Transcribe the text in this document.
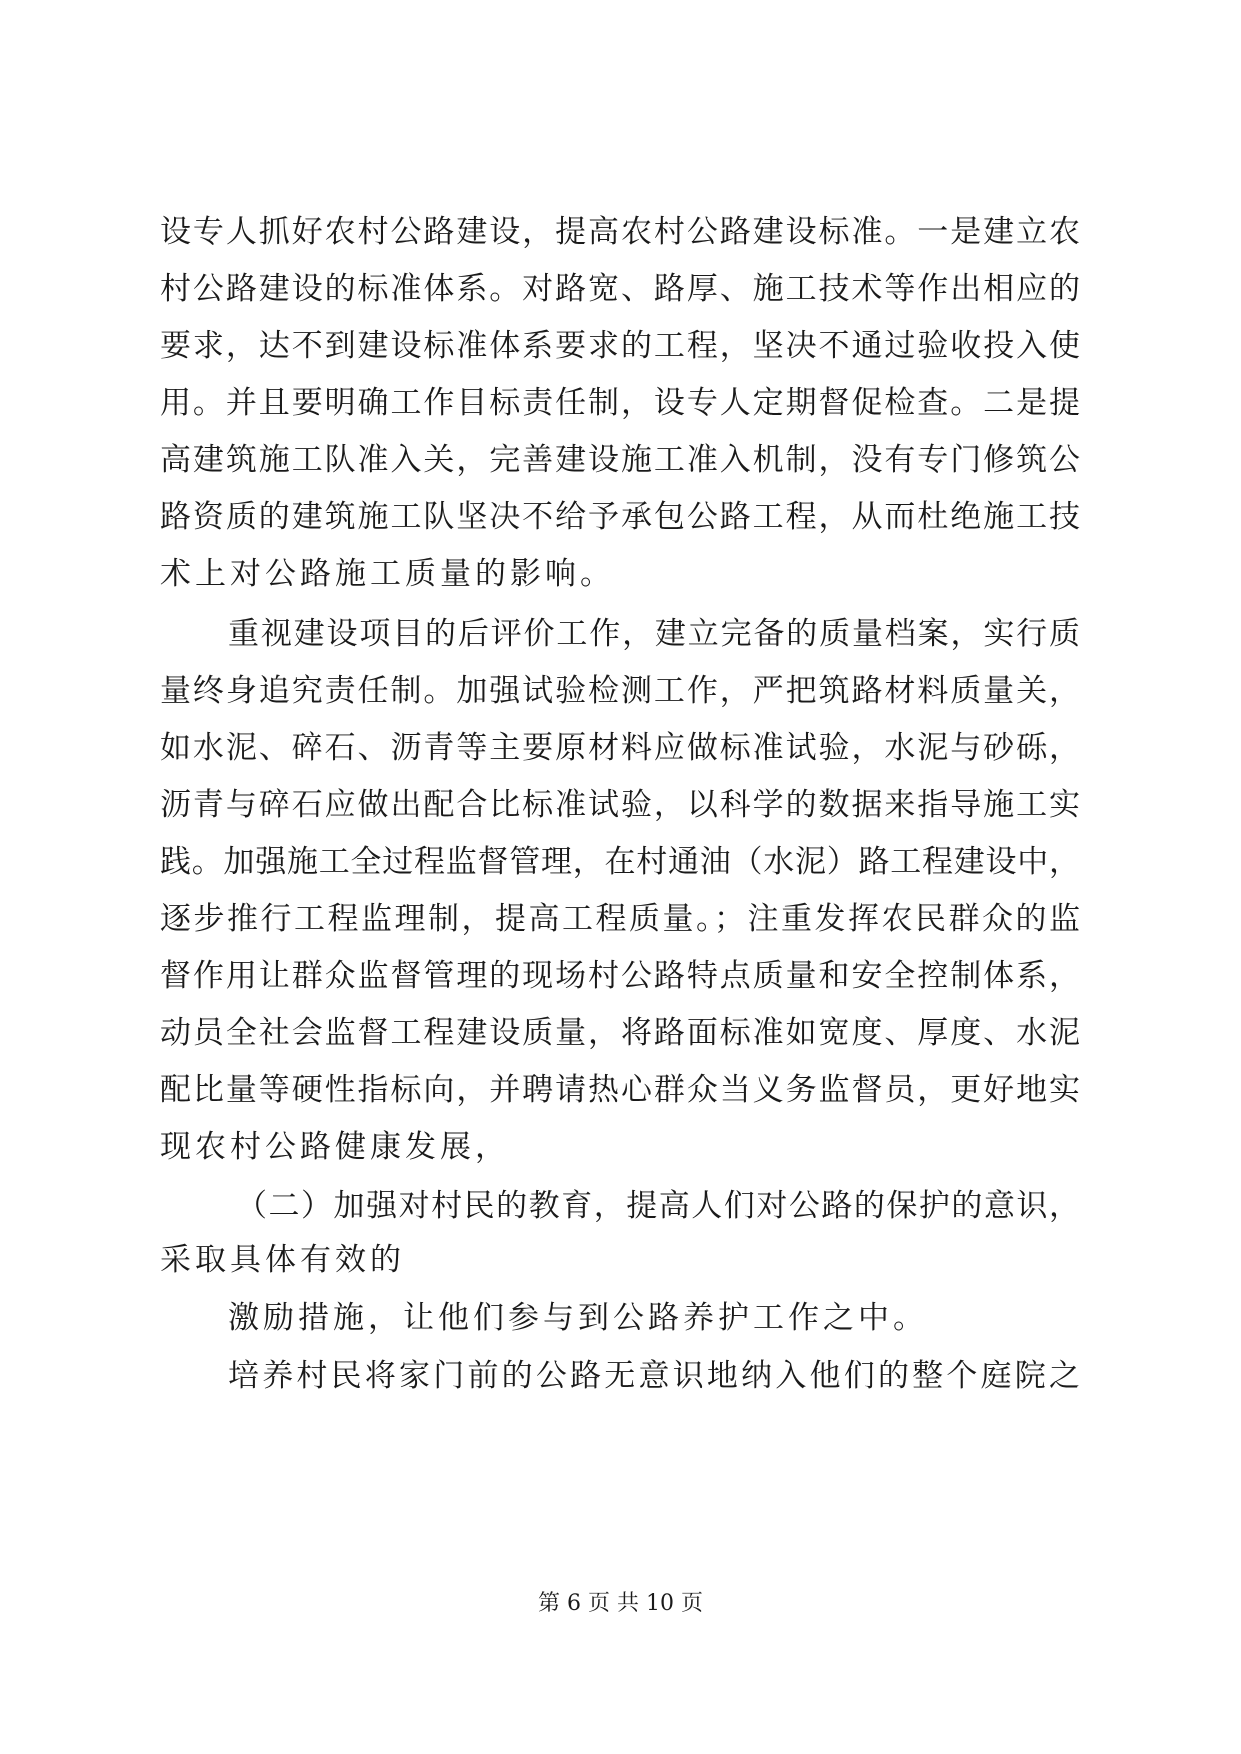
设专人抓好农村公路建设，提高农村公路建设标准。一是建立农
村公路建设的标准体系。对路宽、路厚、施工技术等作出相应的
要求，达不到建设标准体系要求的工程，坚决不通过验收投入使
用。并且要明确工作目标责任制，设专人定期督促检查。二是提
高建筑施工队准入关，完善建设施工准入机制，没有专门修筑公
路资质的建筑施工队坚决不给予承包公路工程，从而杜绝施工技
术上对公路施工质量的影响。
重视建设项目的后评价工作，建立完备的质量档案，实行质
量终身追究责任制。加强试验检测工作，严把筑路材料质量关，
如水泥、碎石、沥青等主要原材料应做标准试验，水泥与砂砾，
沥青与碎石应做出配合比标准试验，以科学的数据来指导施工实
践。加强施工全过程监督管理，在村通油（水泥）路工程建设中，
逐步推行工程监理制，提高工程质量。；注重发挥农民群众的监
督作用让群众监督管理的现场村公路特点质量和安全控制体系，
动员全社会监督工程建设质量，将路面标准如宽度、厚度、水泥
配比量等硬性指标向，并聘请热心群众当义务监督员，更好地实
现农村公路健康发展，
（二）加强对村民的教育，提高人们对公路的保护的意识，
采取具体有效的
激励措施，让他们参与到公路养护工作之中。
培养村民将家门前的公路无意识地纳入他们的整个庭院之
第 6 页 共 10 页
